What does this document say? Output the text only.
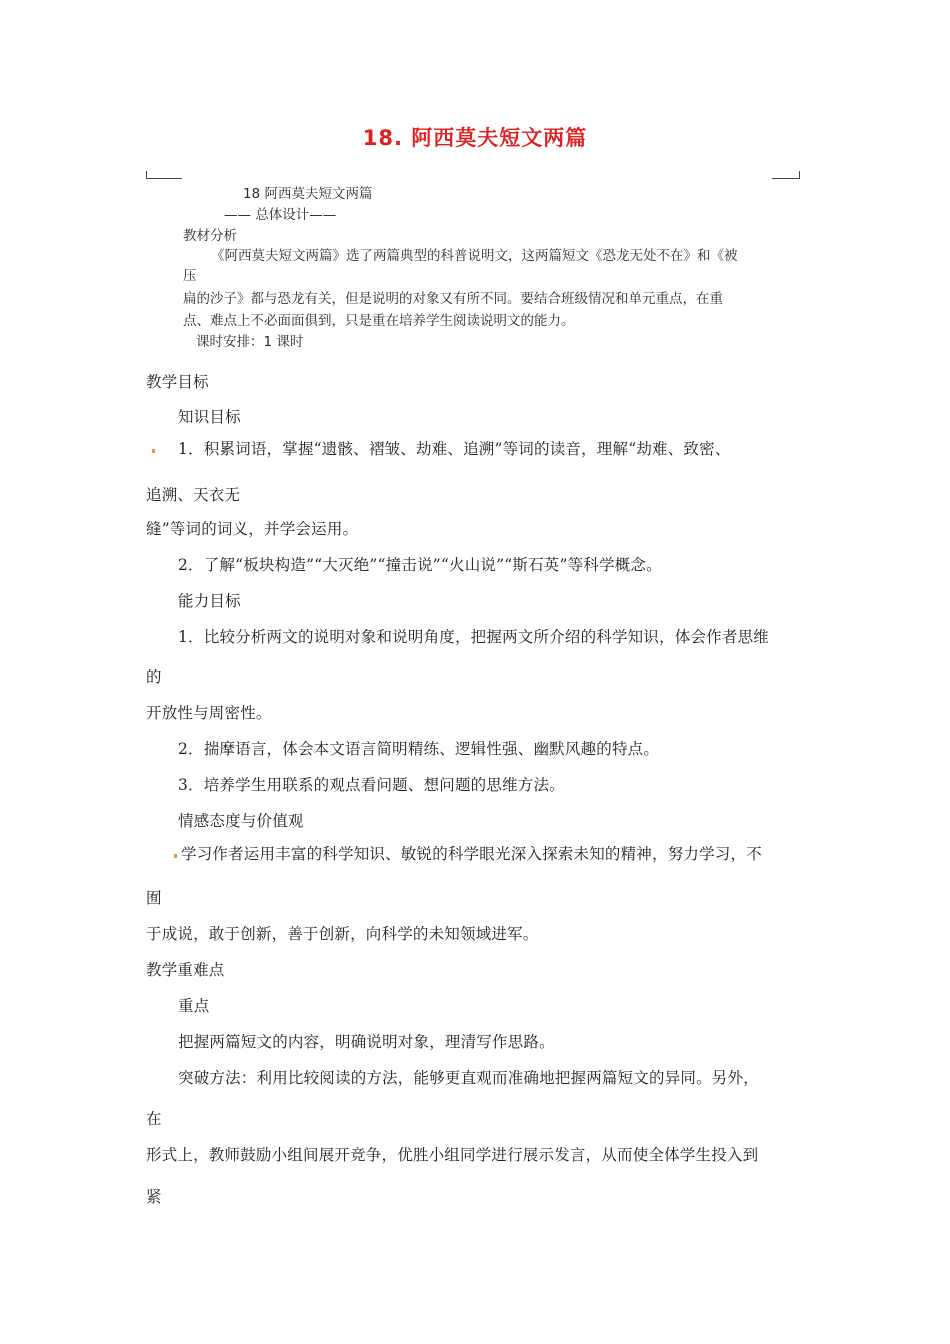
18. 阿西莫夫短文两篇
18 阿西莫夫短文两篇
—— 总体设计——
教材分析
《阿西莫夫短文两篇》选了两篇典型的科普说明文，这两篇短文《恐龙无处不在》和《被
压
扁的沙子》都与恐龙有关，但是说明的对象又有所不同。要结合班级情况和单元重点，在重
点、难点上不必面面俱到，只是重在培养学生阅读说明文的能力。
课时安排：1 课时
教学目标
知识目标
1．积累词语，掌握“遗骸、褶皱、劫难、追溯”等词的读音，理解“劫难、致密、
追溯、天衣无
缝”等词的词义，并学会运用。
2．了解“板块构造”“大灭绝”“撞击说”“火山说”“斯石英”等科学概念。
能力目标
1．比较分析两文的说明对象和说明角度，把握两文所介绍的科学知识，体会作者思维
的
开放性与周密性。
2．揣摩语言，体会本文语言简明精练、逻辑性强、幽默风趣的特点。
3．培养学生用联系的观点看问题、想问题的思维方法。
情感态度与价值观
学习作者运用丰富的科学知识、敏锐的科学眼光深入探索未知的精神，努力学习，不
囿
于成说，敢于创新，善于创新，向科学的未知领域进军。
教学重难点
重点
把握两篇短文的内容，明确说明对象，理清写作思路。
突破方法：利用比较阅读的方法，能够更直观而准确地把握两篇短文的异同。另外，
在
形式上，教师鼓励小组间展开竞争，优胜小组同学进行展示发言，从而使全体学生投入到
紧
